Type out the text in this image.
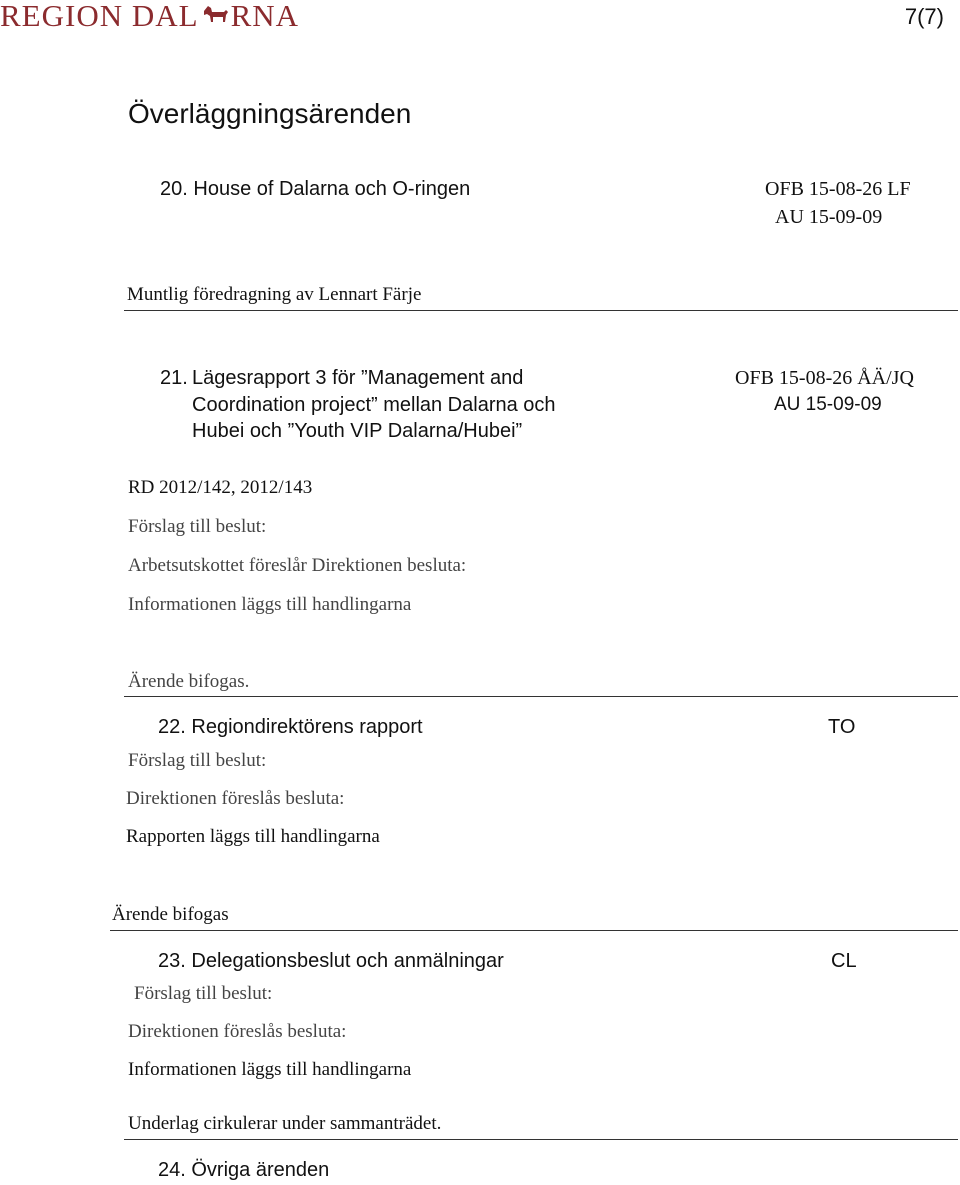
REGION DAL RNA	7(7)
Överläggningsärenden
20. House of Dalarna och O-ringen	OFB 15-08-26 LF
AU 15-09-09
Muntlig föredragning av Lennart Färje
21. Lägesrapport 3 för ”Management and
Coordination project” mellan Dalarna och
Hubei och ”Youth VIP Dalarna/Hubei”
OFB 15-08-26 ÅÄ/JQ
AU 15-09-09
RD 2012/142, 2012/143
Förslag till beslut:
Arbetsutskottet föreslår Direktionen besluta:
Informationen läggs till handlingarna
Ärende bifogas.
22. Regiondirektörens rapport	TO
Förslag till beslut:
Direktionen föreslås besluta:
Rapporten läggs till handlingarna
Ärende bifogas
23. Delegationsbeslut och anmälningar	CL
Förslag till beslut:
Direktionen föreslås besluta:
Informationen läggs till handlingarna
Underlag cirkulerar under sammanträdet.
24. Övriga ärenden
